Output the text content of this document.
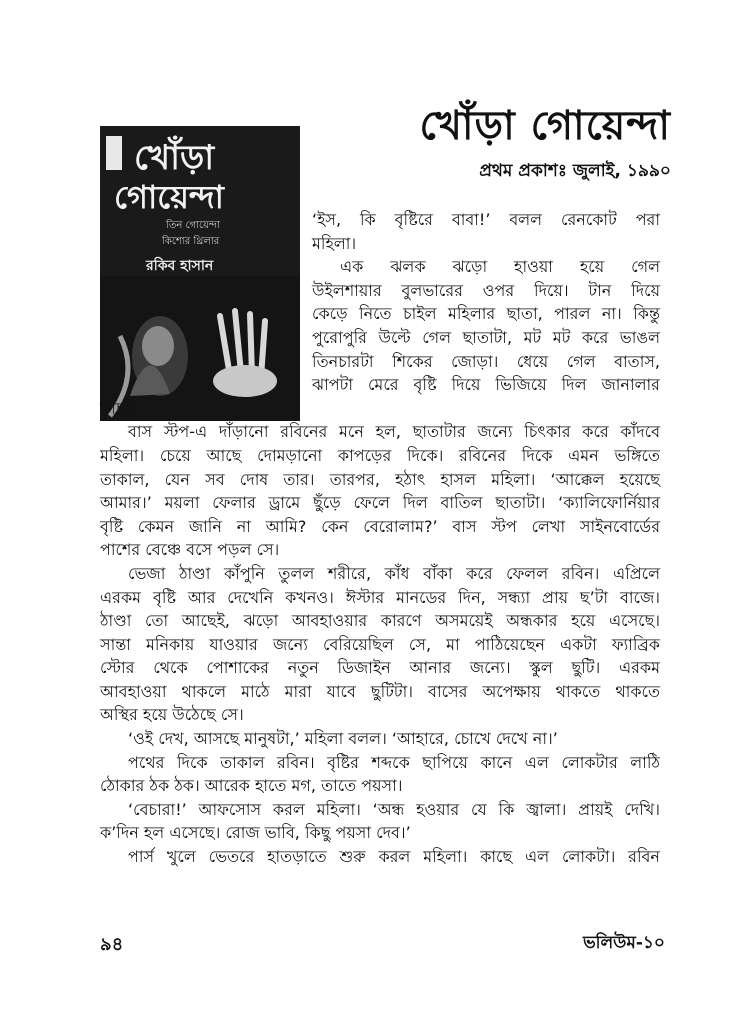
খোঁড়া গোয়েন্দা

প্রথম প্রকাশঃ জুলাই, ১৯৯০

খোঁড়া
গোয়েন্দা
তিন গোয়েন্দা
কিশোর থ্রিলার
রকিব হাসান
‘ইস, কি বৃষ্টিরে বাবা!’ বলল রেনকোট পরা
মহিলা।
এক ঝলক ঝড়ো হাওয়া হয়ে গেল
উইলশায়ার বুলভারের ওপর দিয়ে। টান দিয়ে
কেড়ে নিতে চাইল মহিলার ছাতা, পারল না। কিন্তু
পুরোপুরি উল্টে গেল ছাতাটা, মট মট করে ভাঙল
তিনচারটা শিকের জোড়া। ধেয়ে গেল বাতাস,
ঝাপটা মেরে বৃষ্টি দিয়ে ভিজিয়ে দিল জানালার
কাচ।
বাস স্টপ-এ দাঁড়ানো রবিনের মনে হল, ছাতাটার জন্যে চিৎকার করে কাঁদবে
মহিলা। চেয়ে আছে দোমড়ানো কাপড়ের দিকে। রবিনের দিকে এমন ভঙ্গিতে
তাকাল, যেন সব দোষ তার। তারপর, হঠাৎ হাসল মহিলা। ‘আক্কেল হয়েছে
আমার।’ ময়লা ফেলার ড্রামে ছুঁড়ে ফেলে দিল বাতিল ছাতাটা। ‘ক্যালিফোর্নিয়ার
বৃষ্টি কেমন জানি না আমি? কেন বেরোলাম?’ বাস স্টপ লেখা সাইনবোর্ডের
পাশের বেঞ্চে বসে পড়ল সে।
ভেজা ঠাণ্ডা কাঁপুনি তুলল শরীরে, কাঁধ বাঁকা করে ফেলল রবিন। এপ্রিলে
এরকম বৃষ্টি আর দেখেনি কখনও। ঈস্টার মানডের দিন, সন্ধ্যা প্রায় ছ’টা বাজে।
ঠাণ্ডা তো আছেই, ঝড়ো আবহাওয়ার কারণে অসময়েই অন্ধকার হয়ে এসেছে।
সান্তা মনিকায় যাওয়ার জন্যে বেরিয়েছিল সে, মা পাঠিয়েছেন একটা ফ্যাব্রিক
স্টোর থেকে পোশাকের নতুন ডিজাইন আনার জন্যে। স্কুল ছুটি। এরকম
আবহাওয়া থাকলে মাঠে মারা যাবে ছুটিটা। বাসের অপেক্ষায় থাকতে থাকতে
অস্থির হয়ে উঠেছে সে।
‘ওই দেখ, আসছে মানুষটা,’ মহিলা বলল। ‘আহারে, চোখে দেখে না।’
পথের দিকে তাকাল রবিন। বৃষ্টির শব্দকে ছাপিয়ে কানে এল লোকটার লাঠি
ঠোকার ঠক ঠক। আরেক হাতে মগ, তাতে পয়সা।
‘বেচারা!’ আফসোস করল মহিলা। ‘অন্ধ হওয়ার যে কি জ্বালা। প্রায়ই দেখি।
ক’দিন হল এসেছে। রোজ ভাবি, কিছু পয়সা দেব।’
পার্স খুলে ভেতরে হাতড়াতে শুরু করল মহিলা। কাছে এল লোকটা। রবিন
৯৪	ভলিউম-১০
